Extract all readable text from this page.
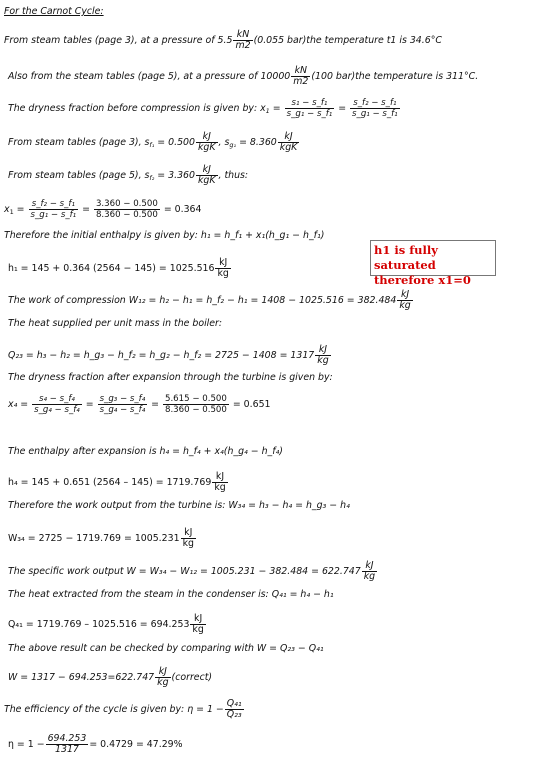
For the Carnot Cycle:
From steam tables (page 3), at a pressure of $5.5 \frac{kN}{m2} (0.055$ bar)the temperature t1 is 34.6°C
Also from the steam tables (page 5), at a pressure of $10000 \frac{kN}{m2} (100$ bar)the temperature is 311°C.
The dryness fraction before compression is given by: $x_1 = \frac{\text{s₁ − s\_f₁}}{\text{s\_g₁ − s\_f₁}} = \frac{\text{s\_f₂ − s\_f₁}}{\text{s\_g₁ − s\_f₁}}$
From steam tables (page 3), $s_{f_1} = 0.500 \frac{kJ}{\text{kgK}}$ , $s_{g_1} = 8.360 \frac{kJ}{\text{kgK}}$
From steam tables (page 5), $s_{f_2} = 3.360 \frac{kJ}{\text{kgK}}$ , thus:
$x_1 = \frac{\text{s\_f₂ − s\_f₁}}{\text{s\_g₁ − s\_f₁}} = \frac{3.360 - 0.500}{8.360 - 0.500} = 0.364$
Therefore the initial enthalpy is given by: h₁ = h_f₁ + x₁(h_g₁ − h_f₁)
h₁ = 145 + 0.364 $(2564 - 145) = 1025.516 \frac{kJ}{kg}$
h1 is fully saturated
therefore x1=0
The work of compression W₁₂ = h₂ − h₁ = h_f₂ − $h_1 = 1408 - 1025.516 = 382.484 \frac{kJ}{kg}$
The heat supplied per unit mass in the boiler:
Q₂₃ = h₃ − h₂ = h_g₃ − h_f₂ = h_g₂ − h_f₂ = $2725 - 1408 = 1317 \frac{kJ}{kg}$
The dryness fraction after expansion through the turbine is given by:
$x_4 = \frac{\text{s₄ − s\_f₄}}{\text{s\_g₄ − s\_f₄}} = \frac{\text{s\_g₃ − s\_f₄}}{\text{s\_g₄ − s\_f₄}} = \frac{5.615 - 0.500}{8.360 - 0.500} = 0.651$
The enthalpy after expansion is h₄ = h_f₄ + x₄(h_g₄ − h_f₄)
h₄ = 145 + 0.651 $(2564 - 145) = 1719.769 \frac{kJ}{kg}$
Therefore the work output from the turbine is: W₃₄ = h₃ − h₄ = h_g₃ − h₄
$W_{34} = 2725 - 1719.769 = 1005.231 \frac{kJ}{kg}$
The specific work output $W = W_{34} - W_{12} = 1005.231 - 382.484 = 622.747 \frac{kJ}{kg}$
The heat extracted from the steam in the condenser is: Q₄₁ = h₄ − h₁
$Q_{41} = 1719.769 - 1025.516 = 694.253 \frac{kJ}{kg}$
The above result can be checked by comparing with W = Q₂₃ − Q₄₁
$W = 1317 - 694.253=622.747 \frac{kJ}{kg}$ (correct)
The efficiency of the cycle is given by: $\eta = 1 - \frac{\text{Q₄₁}}{\text{Q₂₃}}$
$\eta = 1 - \frac{694.253}{1317} = 0.4729 = 47.29\%$
